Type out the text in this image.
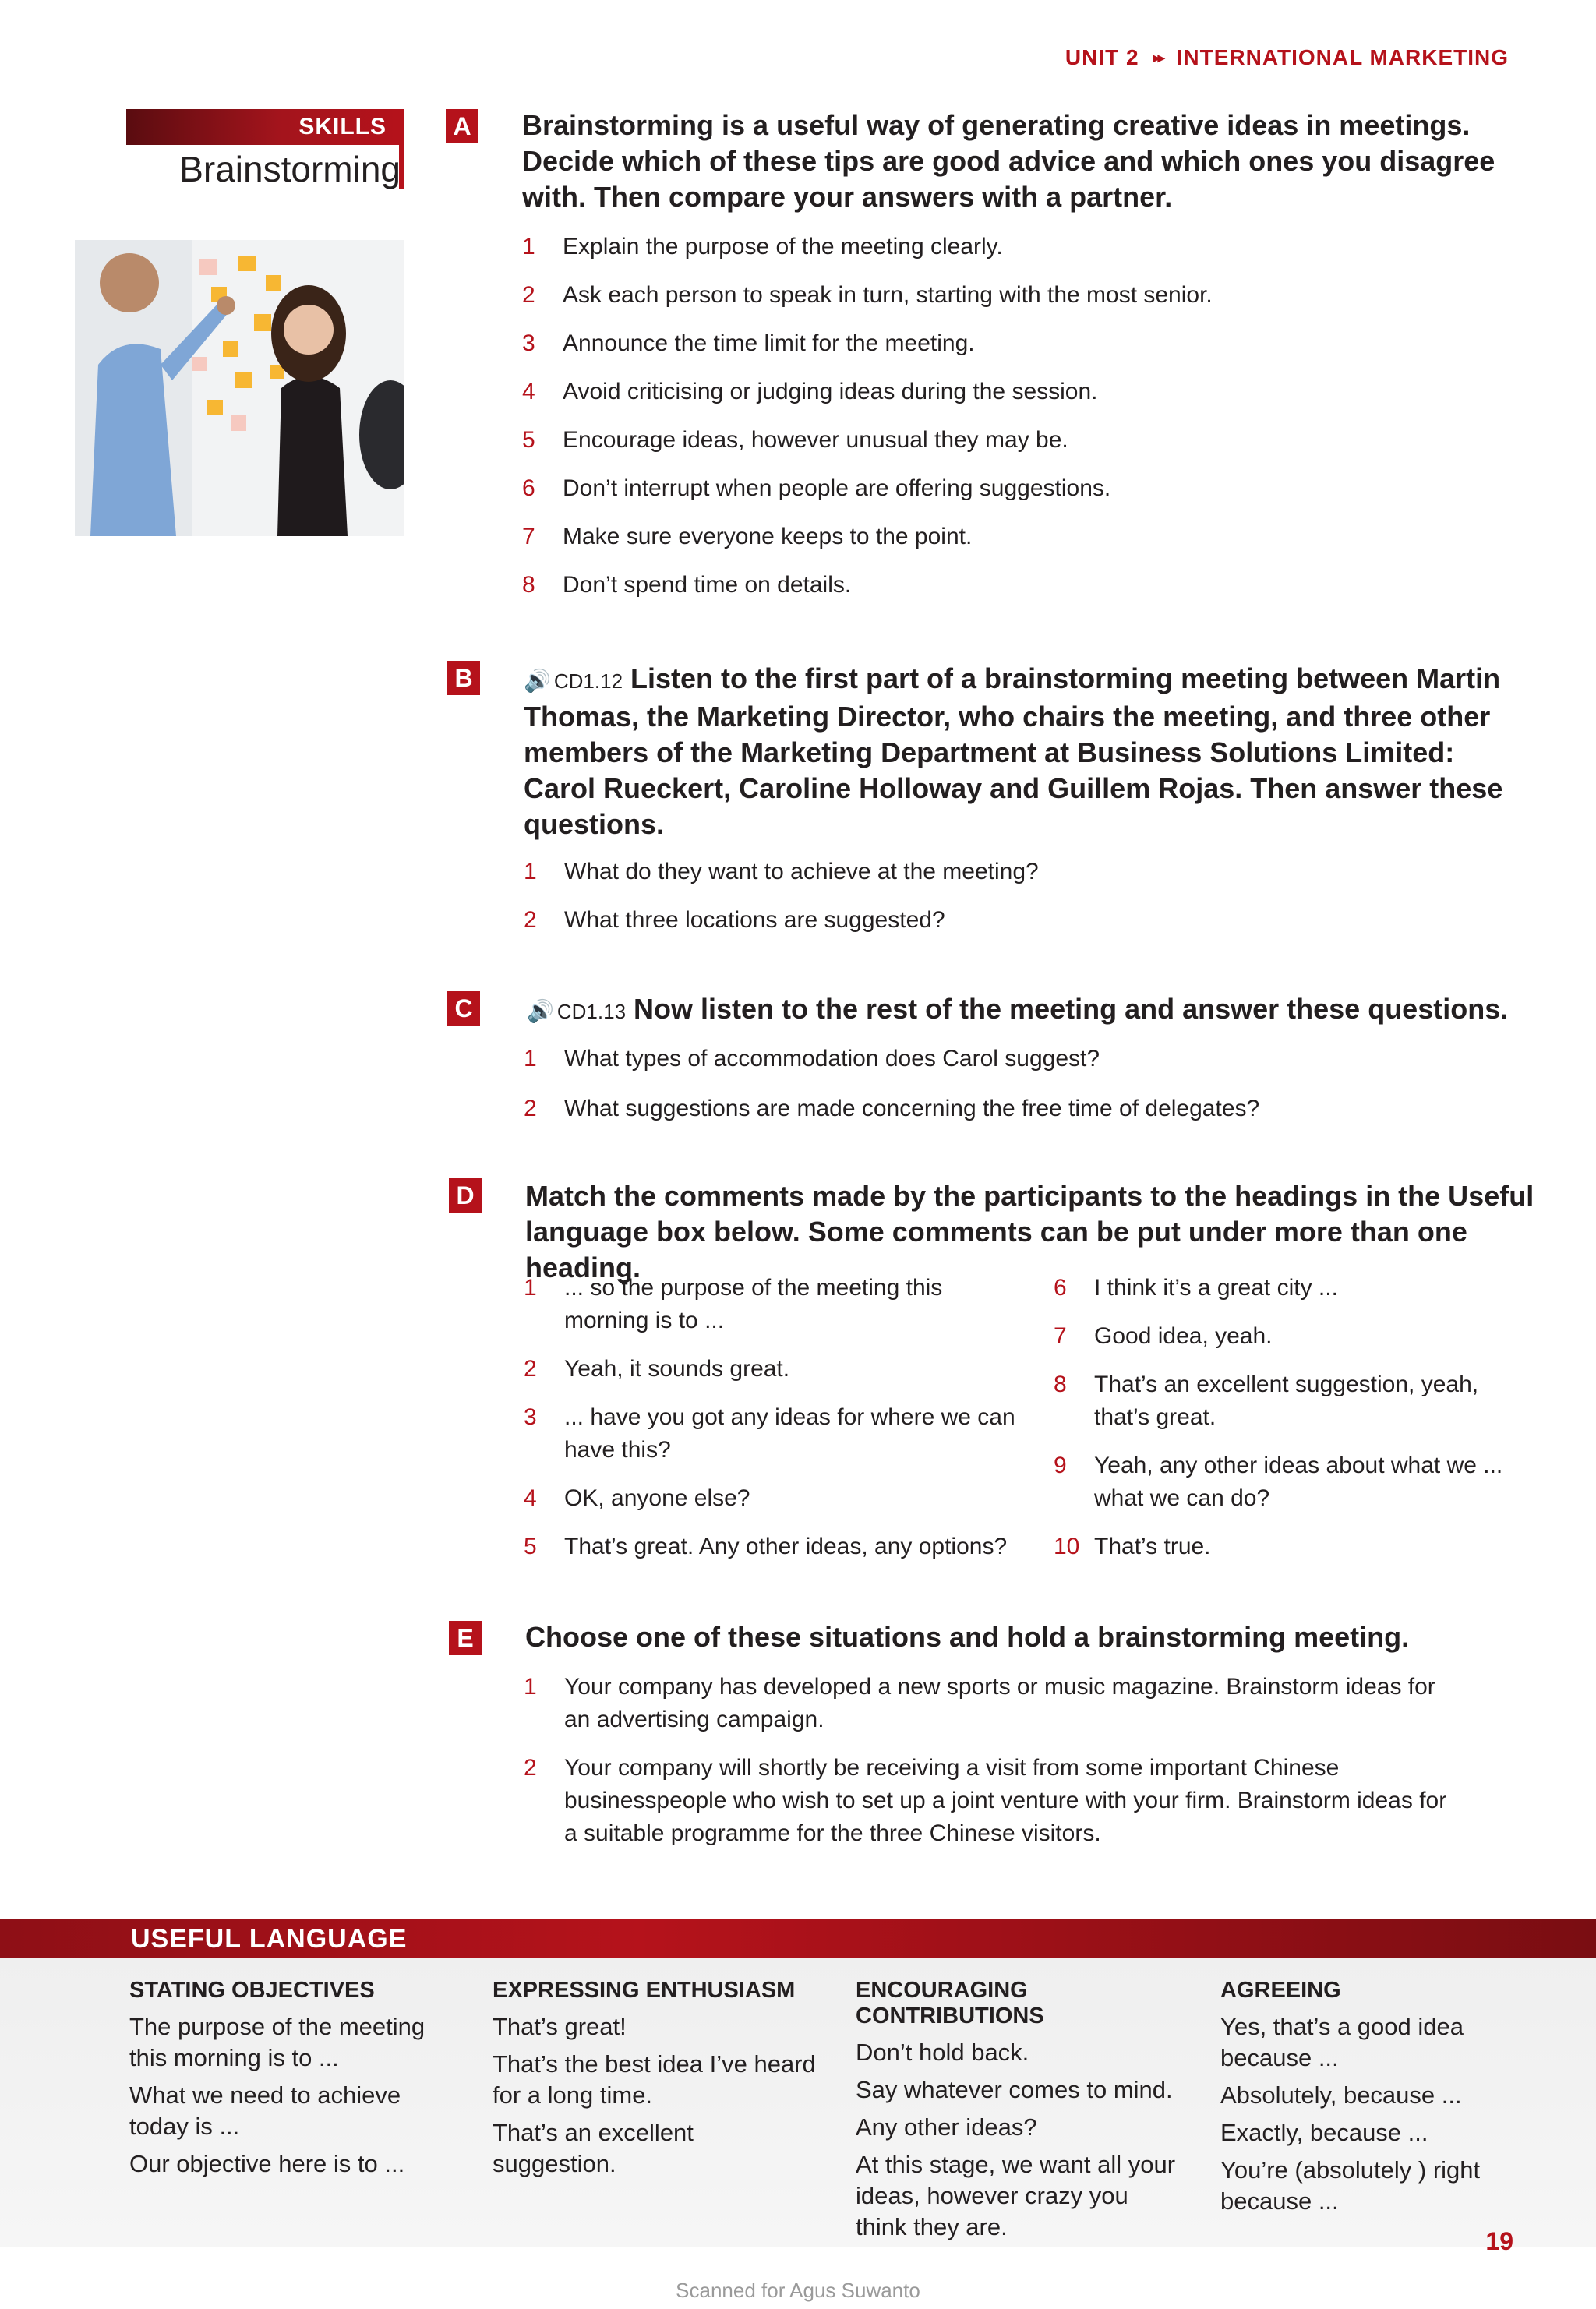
UNIT 2 ▸▸ INTERNATIONAL MARKETING
SKILLS
Brainstorming
A Brainstorming is a useful way of generating creative ideas in meetings. Decide which of these tips are good advice and which ones you disagree with. Then compare your answers with a partner.
1	Explain the purpose of the meeting clearly.
2	Ask each person to speak in turn, starting with the most senior.
3	Announce the time limit for the meeting.
4	Avoid criticising or judging ideas during the session.
5	Encourage ideas, however unusual they may be.
6	Don’t interrupt when people are offering suggestions.
7	Make sure everyone keeps to the point.
8	Don’t spend time on details.
B	🔊 CD1.12 Listen to the first part of a brainstorming meeting between Martin Thomas, the Marketing Director, who chairs the meeting, and three other members of the Marketing Department at Business Solutions Limited: Carol Rueckert, Caroline Holloway and Guillem Rojas. Then answer these questions.
1	What do they want to achieve at the meeting?
2	What three locations are suggested?
C	🔊 CD1.13 Now listen to the rest of the meeting and answer these questions.
1	What types of accommodation does Carol suggest?
2	What suggestions are made concerning the free time of delegates?
D Match the comments made by the participants to the headings in the Useful language box below. Some comments can be put under more than one heading.
1	... so the purpose of the meeting this morning is to ...
2	Yeah, it sounds great.
3	... have you got any ideas for where we can have this?
4	OK, anyone else?
5	That’s great. Any other ideas, any options?
6	I think it’s a great city ...
7	Good idea, yeah.
8	That’s an excellent suggestion, yeah, that’s great.
9	Yeah, any other ideas about what we ... what we can do?
10 That’s true.
E Choose one of these situations and hold a brainstorming meeting.
1	Your company has developed a new sports or music magazine. Brainstorm ideas for an advertising campaign.
2	Your company will shortly be receiving a visit from some important Chinese businesspeople who wish to set up a joint venture with your firm. Brainstorm ideas for a suitable programme for the three Chinese visitors.
USEFUL LANGUAGE
STATING OBJECTIVES

The purpose of the meeting this morning is to ...

What we need to achieve today is ...

Our objective here is to ...

EXPRESSING ENTHUSIASM

That’s great!

That’s the best idea I’ve heard for a long time.

That’s an excellent suggestion.

ENCOURAGING CONTRIBUTIONS

Don’t hold back.

Say whatever comes to mind.

Any other ideas?

At this stage, we want all your ideas, however crazy you think they are.

AGREEING

Yes, that’s a good idea because ...

Absolutely, because ...

Exactly, because ...

You’re (absolutely ) right because ...

19
Scanned for Agus Suwanto
